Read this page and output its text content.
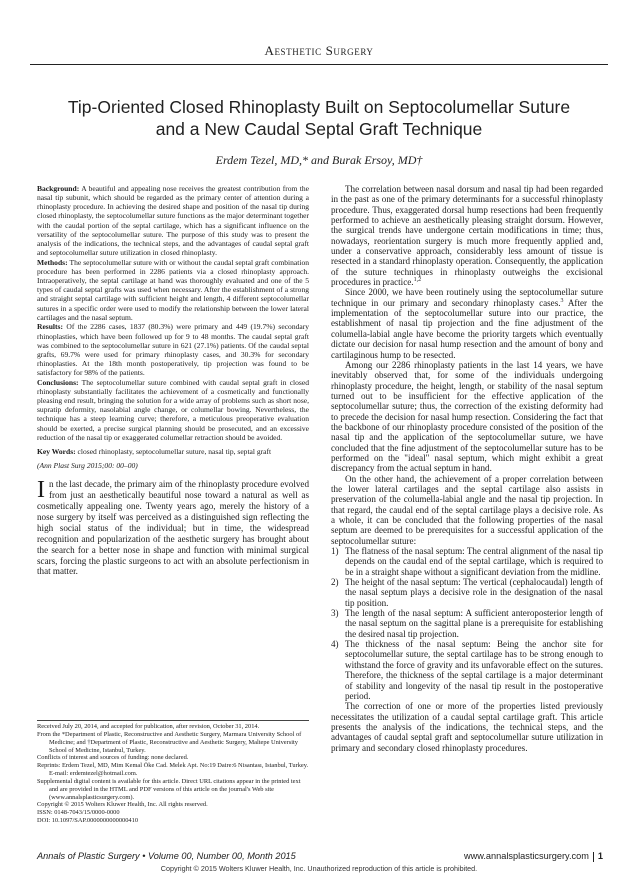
Aesthetic Surgery
Tip-Oriented Closed Rhinoplasty Built on Septocolumellar Suture
and a New Caudal Septal Graft Technique
Erdem Tezel, MD,* and Burak Ersoy, MD†

Background: A beautiful and appealing nose receives the greatest contribution from the nasal tip subunit, which should be regarded as the primary center of attention during a rhinoplasty procedure. In achieving the desired shape and position of the nasal tip during closed rhinoplasty, the septocolumellar suture functions as the major determinant together with the caudal portion of the septal cartilage, which has a significant influence on the versatility of the septocolumellar suture. The purpose of this study was to present the analysis of the indications, the technical steps, and the advantages of caudal septal graft and septocolumellar suture utilization in closed rhinoplasty.

Methods: The septocolumellar suture with or without the caudal septal graft combination procedure has been performed in 2286 patients via a closed rhinoplasty approach. Intraoperatively, the septal cartilage at hand was thoroughly evaluated and one of the 5 types of caudal septal grafts was used when necessary. After the establishment of a strong and straight septal cartilage with sufficient height and length, 4 different septocolumellar sutures in a specific order were used to modify the relationship between the lower lateral cartilages and the nasal septum.

Results: Of the 2286 cases, 1837 (80.3%) were primary and 449 (19.7%) secondary rhinoplasties, which have been followed up for 9 to 48 months. The caudal septal graft was combined to the septocolumellar suture in 621 (27.1%) patients. Of the caudal septal grafts, 69.7% were used for primary rhinoplasty cases, and 30.3% for secondary rhinoplasties. At the 18th month postoperatively, tip projection was found to be satisfactory for 98% of the patients.

Conclusions: The septocolumellar suture combined with caudal septal graft in closed rhinoplasty substantially facilitates the achievement of a cosmetically and functionally pleasing end result, bringing the solution for a wide array of problems such as short nose, supratip deformity, nasolabial angle change, or columellar bowing. Nevertheless, the technique has a steep learning curve; therefore, a meticulous preoperative evaluation should be exerted, a precise surgical planning should be prosecuted, and an excessive reduction of the nasal tip or exaggerated columellar retraction should be avoided.

Key Words: closed rhinoplasty, septocolumellar suture, nasal tip, septal graft
(Ann Plast Surg 2015;00: 00–00)
In the last decade, the primary aim of the rhinoplasty procedure evolved from just an aesthetically beautiful nose toward a natural as well as cosmetically appealing one. Twenty years ago, merely the history of a nose surgery by itself was perceived as a distinguished sign reflecting the high social status of the individual; but in time, the widespread recognition and popularization of the aesthetic surgery has brought about the search for a better nose in shape and function with minimal surgical scars, forcing the plastic surgeons to act with an absolute perfectionism in that matter.

Received July 20, 2014, and accepted for publication, after revision, October 31, 2014.

From the *Department of Plastic, Reconstructive and Aesthetic Surgery, Marmara University School of Medicine; and †Department of Plastic, Reconstructive and Aesthetic Surgery, Maltepe University School of Medicine, Istanbul, Turkey.

Conflicts of interest and sources of funding: none declared.

Reprints: Erdem Tezel, MD, Mim Kemal Öke Cad. Melek Apt. No:19 Daire:6 Nisantası, Istanbul, Turkey. E-mail: erdemtezel@hotmail.com.

Supplemental digital content is available for this article. Direct URL citations appear in the printed text and are provided in the HTML and PDF versions of this article on the journal's Web site (www.annalsplasticsurgery.com).

Copyright © 2015 Wolters Kluwer Health, Inc. All rights reserved.

ISSN: 0148-7043/15/0000-0000

DOI: 10.1097/SAP.0000000000000410

The correlation between nasal dorsum and nasal tip had been regarded in the past as one of the primary determinants for a successful rhinoplasty procedure. Thus, exaggerated dorsal hump resections had been frequently performed to achieve an aesthetically pleasing straight dorsum. However, the surgical trends have undergone certain modifications in time; thus, nowadays, reorientation surgery is much more frequently applied and, under a conservative approach, considerably less amount of tissue is resected in a standard rhinoplasty operation. Consequently, the application of the suture techniques in rhinoplasty outweighs the excisional procedures in practice.$^{1,2}$

Since 2000, we have been routinely using the septocolumellar suture technique in our primary and secondary rhinoplasty cases.$^3$ After the implementation of the septocolumellar suture into our practice, the establishment of nasal tip projection and the fine adjustment of the columella-labial angle have become the priority targets which eventually dictate our decision for nasal hump resection and the amount of bony and cartilaginous hump to be resected.

Among our 2286 rhinoplasty patients in the last 14 years, we have inevitably observed that, for some of the individuals undergoing rhinoplasty procedure, the height, length, or stability of the nasal septum turned out to be insufficient for the effective application of the septocolumellar suture; thus, the correction of the existing deformity had to precede the decision for nasal hump resection. Considering the fact that the backbone of our rhinoplasty procedure consisted of the position of the nasal tip and the application of the septocolumellar suture, we have concluded that the fine adjustment of the septocolumellar suture has to be performed on the "ideal" nasal septum, which might exhibit a great discrepancy from the actual septum in hand.

On the other hand, the achievement of a proper correlation between the lower lateral cartilages and the septal cartilage also assists in preservation of the columella-labial angle and the nasal tip projection. In that regard, the caudal end of the septal cartilage plays a decisive role. As a whole, it can be concluded that the following properties of the nasal septum are deemed to be prerequisites for a successful application of the septocolumellar suture:

1) The flatness of the nasal septum: The central alignment of the nasal tip depends on the caudal end of the septal cartilage, which is required to be in a straight shape without a significant deviation from the midline.
2) The height of the nasal septum: The vertical (cephalocaudal) length of the nasal septum plays a decisive role in the designation of the nasal tip position.
3) The length of the nasal septum: A sufficient anteroposterior length of the nasal septum on the sagittal plane is a prerequisite for establishing the desired nasal tip projection.
4) The thickness of the nasal septum: Being the anchor site for septocolumellar suture, the septal cartilage has to be strong enough to withstand the force of gravity and its unfavorable effect on the sutures. Therefore, the thickness of the septal cartilage is a major determinant of stability and longevity of the nasal tip result in the postoperative period.

The correction of one or more of the properties listed previously necessitates the utilization of a caudal septal cartilage graft. This article presents the analysis of the indications, the technical steps, and the advantages of caudal septal graft and septocolumellar suture utilization in primary and secondary closed rhinoplasty procedures.

Annals of Plastic Surgery • Volume 00, Number 00, Month 2015	www.annalsplasticsurgery.com 1
Copyright © 2015 Wolters Kluwer Health, Inc. Unauthorized reproduction of this article is prohibited.
